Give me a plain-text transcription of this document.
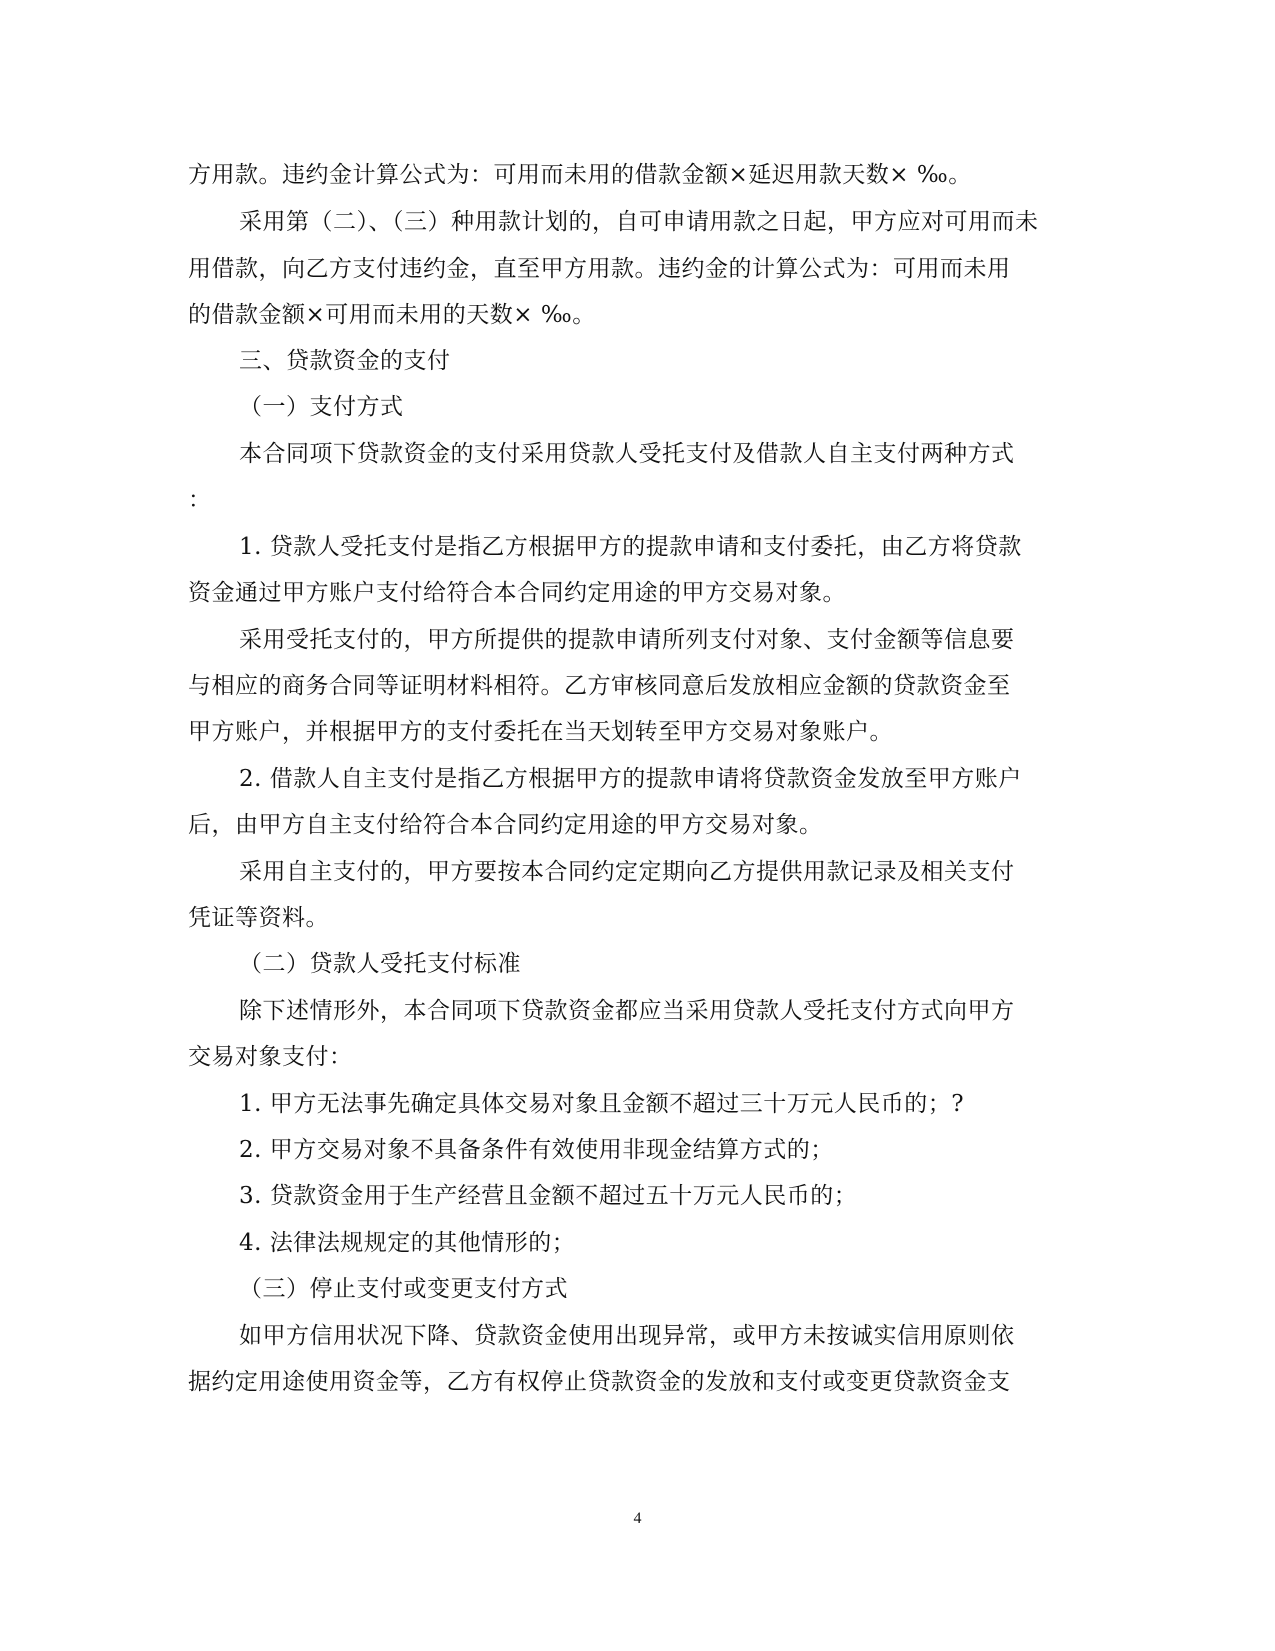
方用款。违约金计算公式为：可用而未用的借款金额×延迟用款天数× ‰。
采用第（二）、（三）种用款计划的，自可申请用款之日起，甲方应对可用而未
用借款，向乙方支付违约金，直至甲方用款。违约金的计算公式为：可用而未用
的借款金额×可用而未用的天数× ‰。
三、贷款资金的支付
（一）支付方式
本合同项下贷款资金的支付采用贷款人受托支付及借款人自主支付两种方式
：
1. 贷款人受托支付是指乙方根据甲方的提款申请和支付委托，由乙方将贷款
资金通过甲方账户支付给符合本合同约定用途的甲方交易对象。
采用受托支付的，甲方所提供的提款申请所列支付对象、支付金额等信息要
与相应的商务合同等证明材料相符。乙方审核同意后发放相应金额的贷款资金至
甲方账户，并根据甲方的支付委托在当天划转至甲方交易对象账户。
2. 借款人自主支付是指乙方根据甲方的提款申请将贷款资金发放至甲方账户
后，由甲方自主支付给符合本合同约定用途的甲方交易对象。
采用自主支付的，甲方要按本合同约定定期向乙方提供用款记录及相关支付
凭证等资料。
（二）贷款人受托支付标准
除下述情形外，本合同项下贷款资金都应当采用贷款人受托支付方式向甲方
交易对象支付：
1. 甲方无法事先确定具体交易对象且金额不超过三十万元人民币的；?
2. 甲方交易对象不具备条件有效使用非现金结算方式的；
3. 贷款资金用于生产经营且金额不超过五十万元人民币的；
4. 法律法规规定的其他情形的；
（三）停止支付或变更支付方式
如甲方信用状况下降、贷款资金使用出现异常，或甲方未按诚实信用原则依
据约定用途使用资金等，乙方有权停止贷款资金的发放和支付或变更贷款资金支
4
